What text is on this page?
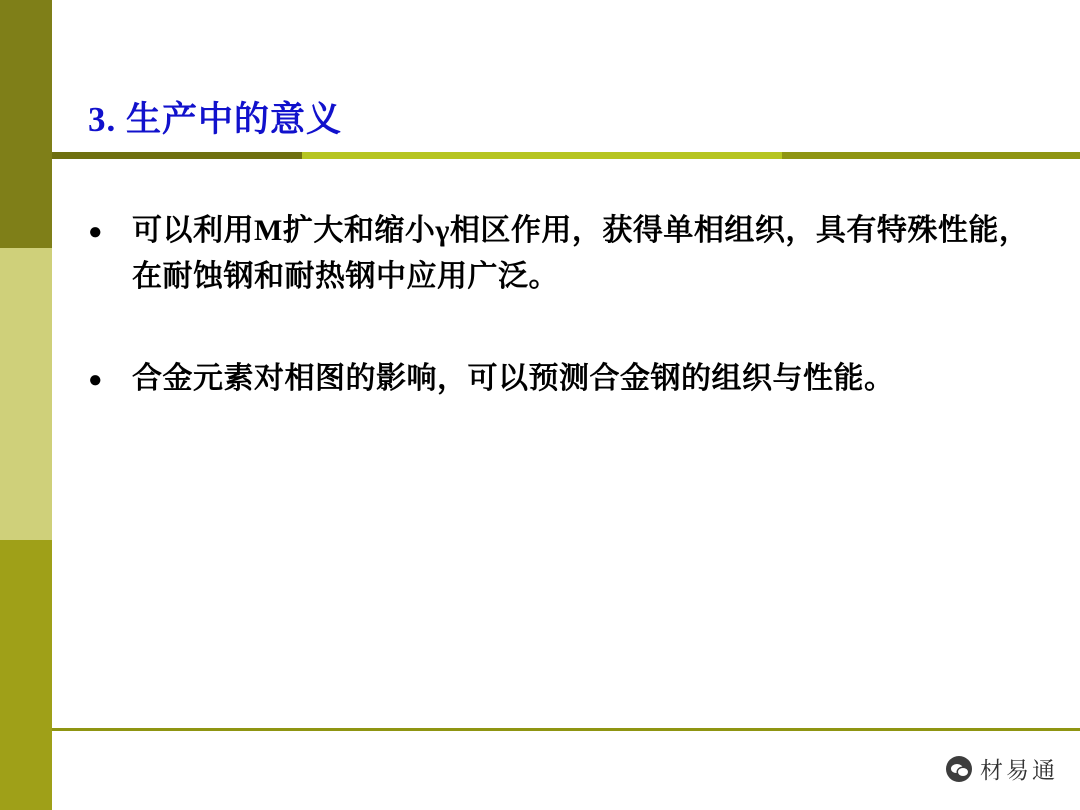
3. 生产中的意义
● 可以利用M扩大和缩小γ相区作用，获得单相组织，具有特殊性能，在耐蚀钢和耐热钢中应用广泛。
● 合金元素对相图的影响，可以预测合金钢的组织与性能。
材易通
